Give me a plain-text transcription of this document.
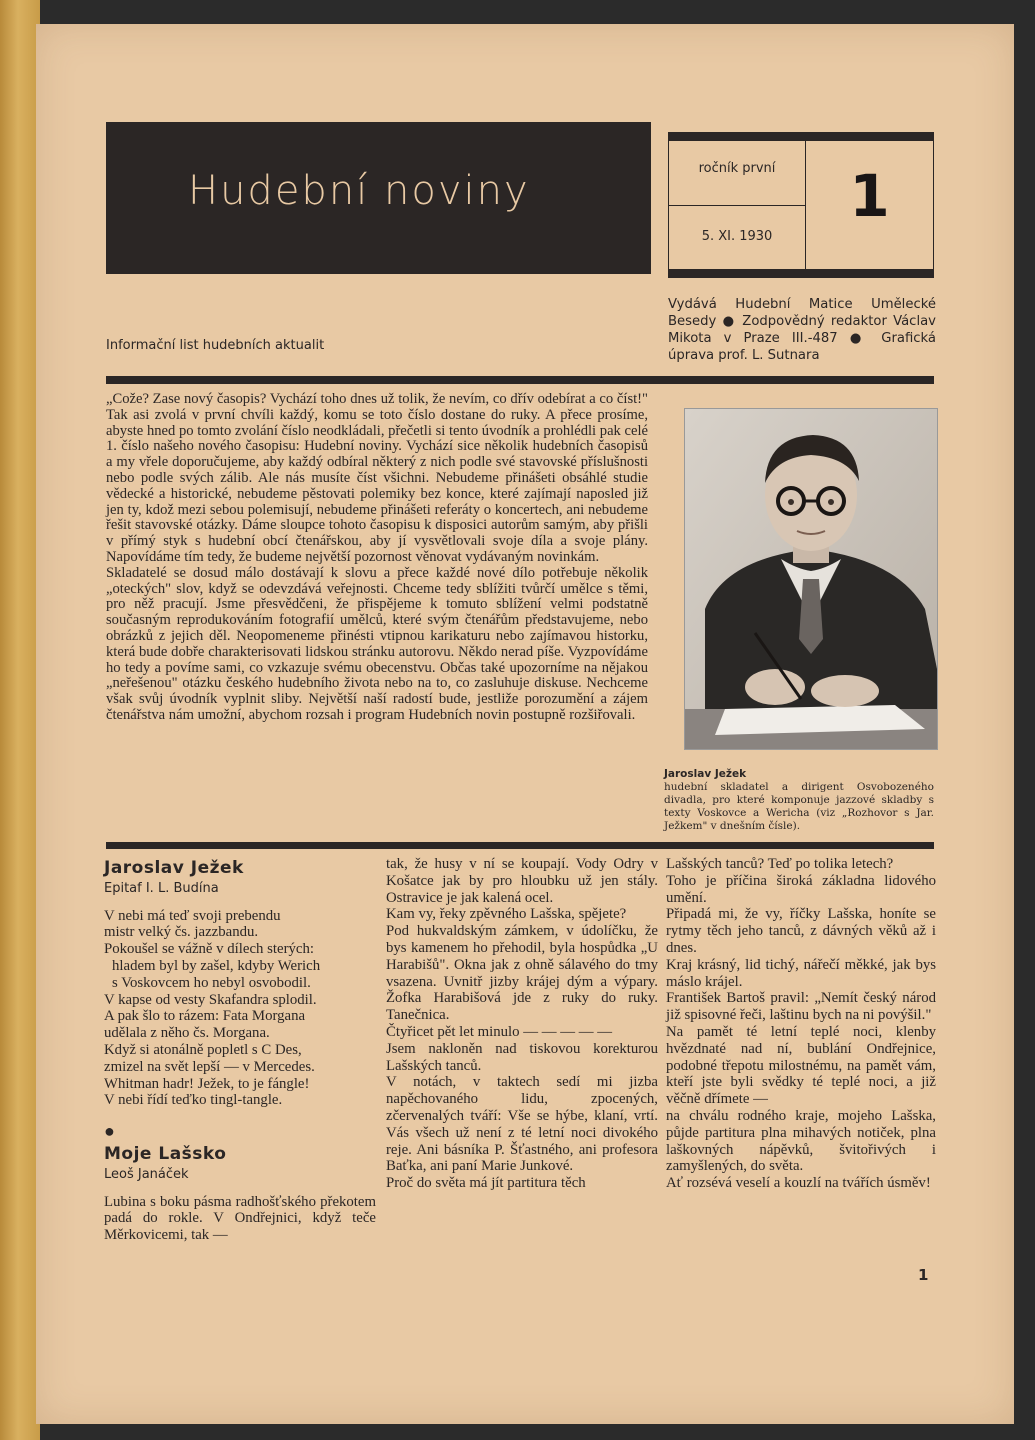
Hudební noviny	ročník první
5. XI. 1930
1
Informační list hudebních aktualit
Vydává Hudební Matice Umělecké Besedy ● Zodpovědný redaktor Václav Mikota v Praze III.-487 ● Grafická úprava prof. L. Sutnara

„Cože? Zase nový časopis? Vychází toho dnes už tolik, že nevím, co dřív odebírat a co číst!" Tak asi zvolá v první chvíli každý, komu se toto číslo dostane do ruky. A přece prosíme, abyste hned po tomto zvolání číslo neodkládali, přečetli si tento úvodník a prohlédli pak celé 1. číslo našeho nového časopisu: Hudební noviny. Vychází sice několik hudebních časopisů a my vřele doporučujeme, aby každý odbíral některý z nich podle své stavovské příslušnosti nebo podle svých zálib. Ale nás musíte číst všichni. Nebudeme přinášeti obsáhlé studie vědecké a historické, nebudeme pěstovati polemiky bez konce, které zajímají naposled již jen ty, kdož mezi sebou polemisují, nebudeme přinášeti referáty o koncertech, ani nebudeme řešit stavovské otázky. Dáme sloupce tohoto časopisu k disposici autorům samým, aby přišli v přímý styk s hudební obcí čtenářskou, aby jí vysvětlovali svoje díla a svoje plány. Napovídáme tím tedy, že budeme největší pozornost věnovat vydávaným novinkám.

Skladatelé se dosud málo dostávají k slovu a přece každé nové dílo potřebuje několik „oteckých" slov, když se odevzdává veřejnosti. Chceme tedy sblížiti tvůrčí umělce s těmi, pro něž pracují. Jsme přesvědčeni, že přispějeme k tomuto sblížení velmi podstatně současným reprodukováním fotografií umělců, které svým čtenářům představujeme, nebo obrázků z jejich děl. Neopomeneme přinésti vtipnou karikaturu nebo zajímavou historku, která bude dobře charakterisovati lidskou stránku autorovu. Někdo nerad píše. Vyzpovídáme ho tedy a povíme sami, co vzkazuje svému obecenstvu. Občas také upozorníme na nějakou „neřešenou" otázku českého hudebního života nebo na to, co zasluhuje diskuse. Nechceme však svůj úvodník vyplnit sliby. Největší naší radostí bude, jestliže porozumění a zájem čtenářstva nám umožní, abychom rozsah i program Hudebních novin postupně rozšiřovali.

Jaroslav Ježek
hudební skladatel a dirigent Osvobozeného divadla, pro které komponuje jazzové skladby s texty Voskovce a Wericha (viz „Rozhovor s Jar. Ježkem" v dnešním čísle).
Jaroslav Ježek
Epitaf I. L. Budína
V nebi má teď svoji prebendu
mistr velký čs. jazzbandu.
Pokoušel se vážně v dílech sterých:
hladem byl by zašel, kdyby Werich
s Voskovcem ho nebyl osvobodil.
V kapse od vesty Skafandra splodil.
A pak šlo to rázem: Fata Morgana
udělala z něho čs. Morgana.
Když si atonálně popletl s C Des,
zmizel na svět lepší — v Mercedes.
Whitman hadr! Ježek, to je fángle!
V nebi řídí teďko tingl-tangle.
●
Moje Lašsko
Leoš Janáček

Lubina s boku pásma radhošťského překotem padá do rokle. V Ondřejnici, když teče Měrkovicemi, tak —

tak, že husy v ní se koupají. Vody Odry v Košatce jak by pro hloubku už jen stály. Ostravice je jak kalená ocel.

Kam vy, řeky zpěvného Lašska, spějete?

Pod hukvaldským zámkem, v údolíčku, že bys kamenem ho přehodil, byla hospůdka „U Harabišů". Okna jak z ohně sálavého do tmy vsazena. Uvnitř jizby krájej dým a výpary. Žofka Harabišová jde z ruky do ruky. Tanečnica.

Čtyřicet pět let minulo — — — — —

Jsem nakloněn nad tiskovou korekturou Lašských tanců.

V notách, v taktech sedí mi jizba napěchovaného lidu, zpocených, zčervenalých tváří: Vše se hýbe, klaní, vrtí. Vás všech už není z té letní noci divokého reje. Ani básníka P. Šťastného, ani profesora Baťka, ani paní Marie Junkové.

Proč do světa má jít partitura těch

Lašských tanců? Teď po tolika letech?

Toho je příčina široká základna lidového umění.

Připadá mi, že vy, říčky Lašska, honíte se rytmy těch jeho tanců, z dávných věků až i dnes.

Kraj krásný, lid tichý, nářečí měkké, jak bys máslo krájel.

František Bartoš pravil: „Nemít český národ již spisovné řeči, laštinu bych na ni povýšil."

Na pamět té letní teplé noci, klenby hvězdnaté nad ní, bublání Ondřejnice, podobné třepotu milostnému, na pamět vám, kteří jste byli svědky té teplé noci, a již věčně dřímete —

na chválu rodného kraje, mojeho Lašska, půjde partitura plna mihavých notiček, plna laškovných nápěvků, švitořivých i zamyšlených, do světa.

Ať rozsévá veselí a kouzlí na tvářích úsměv!

1
